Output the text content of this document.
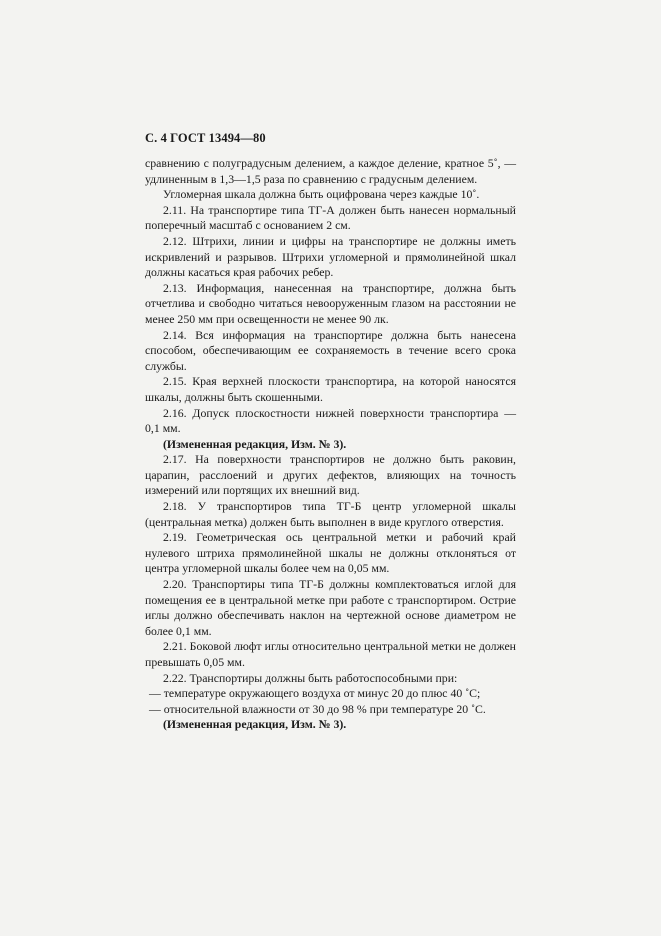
С. 4 ГОСТ 13494—80

сравнению с полуградусным делением, а каждое деление, кратное 5˚, — удлиненным в 1,3—1,5 раза по сравнению с градусным делением.

Угломерная шкала должна быть оцифрована через каждые 10˚.

2.11. На транспортире типа ТГ-А должен быть нанесен нормальный поперечный масштаб с основанием 2 см.

2.12. Штрихи, линии и цифры на транспортире не должны иметь искривлений и разрывов. Штрихи угломерной и прямолинейной шкал должны касаться края рабочих ребер.

2.13. Информация, нанесенная на транспортире, должна быть отчетлива и свободно читаться невооруженным глазом на расстоянии не менее 250 мм при освещенности не менее 90 лк.

2.14. Вся информация на транспортире должна быть нанесена способом, обеспечивающим ее сохраняемость в течение всего срока службы.

2.15. Края верхней плоскости транспортира, на которой наносятся шкалы, должны быть скошенными.

2.16. Допуск плоскостности нижней поверхности транспортира — 0,1 мм.

(Измененная редакция, Изм. № 3).

2.17. На поверхности транспортиров не должно быть раковин, царапин, расслоений и других дефектов, влияющих на точность измерений или портящих их внешний вид.

2.18. У транспортиров типа ТГ-Б центр угломерной шкалы (центральная метка) должен быть выполнен в виде круглого отверстия.

2.19. Геометрическая ось центральной метки и рабочий край нулевого штриха прямолинейной шкалы не должны отклоняться от центра угломерной шкалы более чем на 0,05 мм.

2.20. Транспортиры типа ТГ-Б должны комплектоваться иглой для помещения ее в центральной метке при работе с транспортиром. Острие иглы должно обеспечивать наклон на чертежной основе диаметром не более 0,1 мм.

2.21. Боковой люфт иглы относительно центральной метки не должен превышать 0,05 мм.

2.22. Транспортиры должны быть работоспособными при:

— температуре окружающего воздуха от минус 20 до плюс 40 ˚С;

— относительной влажности от 30 до 98 % при температуре 20 ˚С.

(Измененная редакция, Изм. № 3).
